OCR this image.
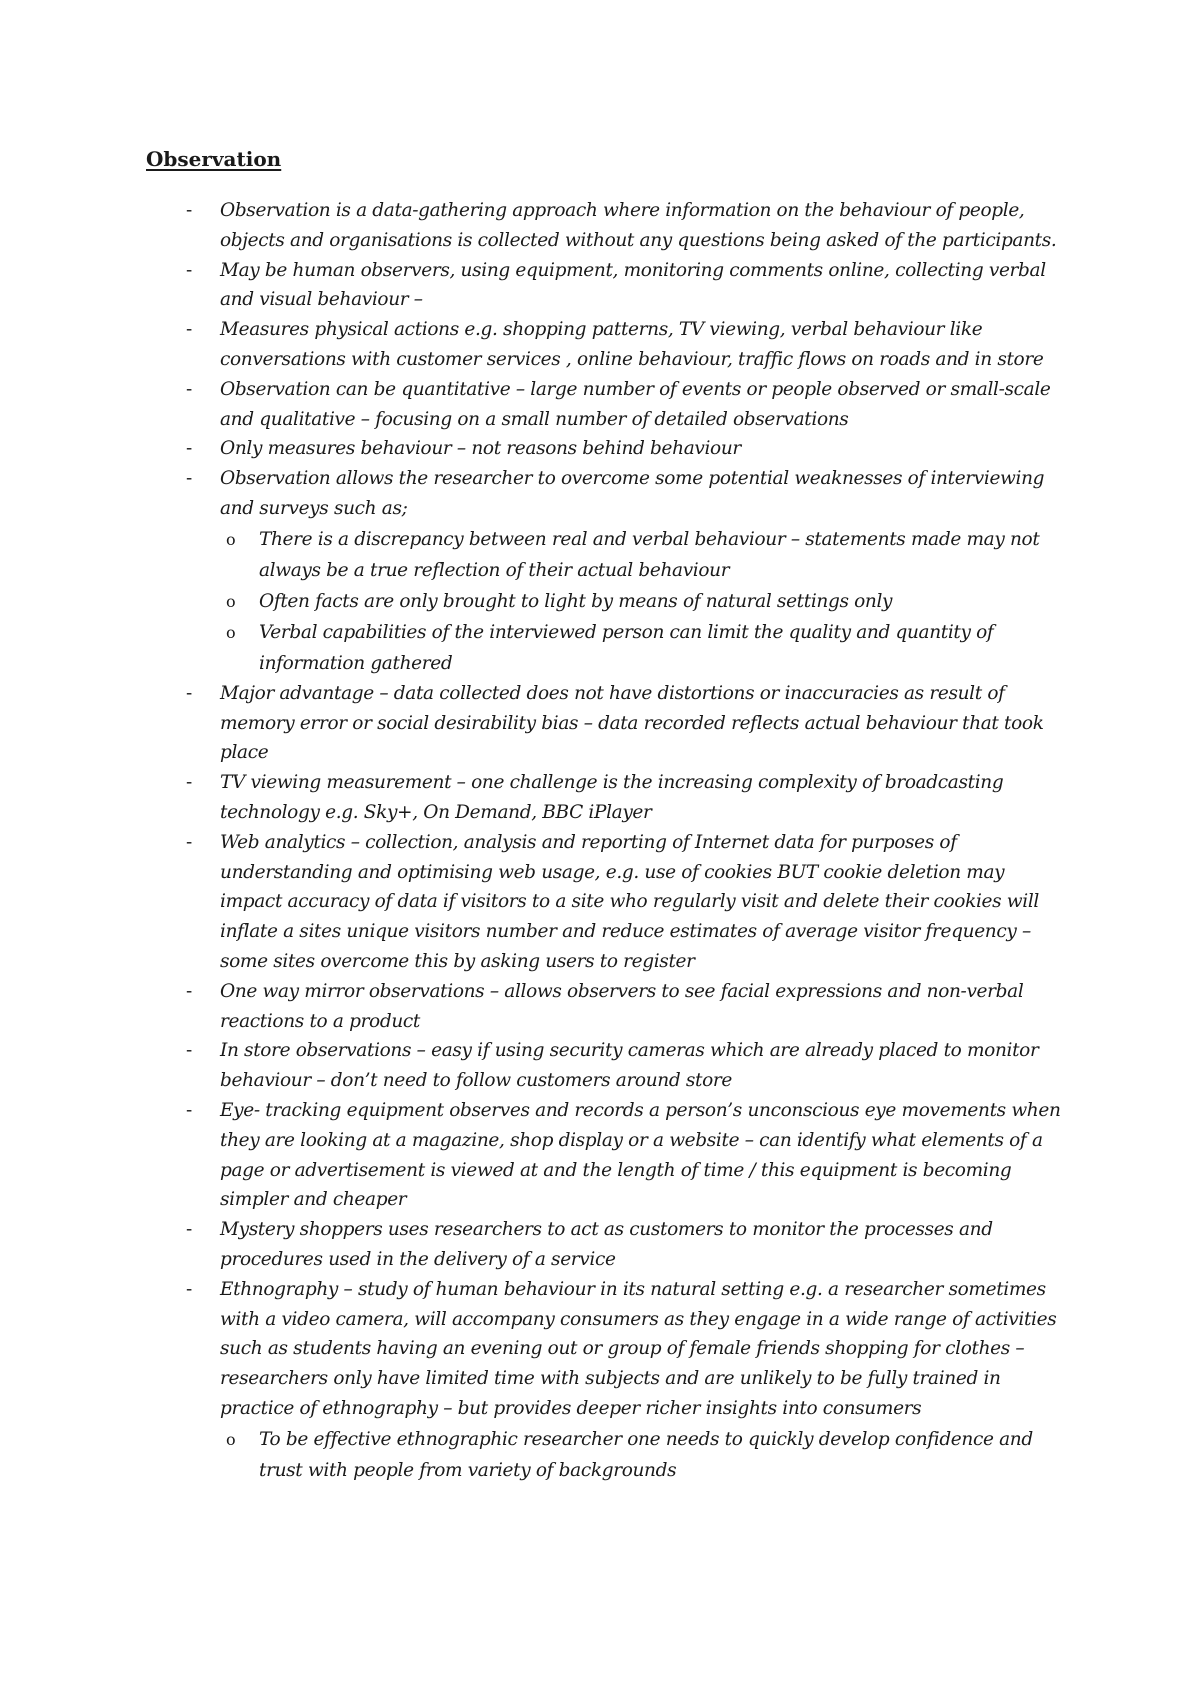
Observation
-	Observation is a data-gathering approach where information on the behaviour of people, objects and organisations is collected without any questions being asked of the participants.
-	May be human observers, using equipment, monitoring comments online, collecting verbal and visual behaviour –
-	Measures physical actions e.g. shopping patterns, TV viewing, verbal behaviour like conversations with customer services , online behaviour, traffic flows on roads and in store
-	Observation can be quantitative – large number of events or people observed or small-scale and qualitative – focusing on a small number of detailed observations
-	Only measures behaviour – not reasons behind behaviour
-	Observation allows the researcher to overcome some potential weaknesses of interviewing and surveys such as;
o There is a discrepancy between real and verbal behaviour – statements made may not always be a true reflection of their actual behaviour
o Often facts are only brought to light by means of natural settings only
o Verbal capabilities of the interviewed person can limit the quality and quantity of information gathered
-	Major advantage – data collected does not have distortions or inaccuracies as result of memory error or social desirability bias – data recorded reflects actual behaviour that took place
-	TV viewing measurement – one challenge is the increasing complexity of broadcasting technology e.g. Sky+, On Demand, BBC iPlayer
-	Web analytics – collection, analysis and reporting of Internet data for purposes of understanding and optimising web usage, e.g. use of cookies BUT cookie deletion may impact accuracy of data if visitors to a site who regularly visit and delete their cookies will inflate a sites unique visitors number and reduce estimates of average visitor frequency – some sites overcome this by asking users to register
-	One way mirror observations – allows observers to see facial expressions and non-verbal reactions to a product
-	In store observations – easy if using security cameras which are already placed to monitor behaviour – don’t need to follow customers around store
-	Eye- tracking equipment observes and records a person’s unconscious eye movements when they are looking at a magazine, shop display or a website – can identify what elements of a page or advertisement is viewed at and the length of time / this equipment is becoming simpler and cheaper
-	Mystery shoppers uses researchers to act as customers to monitor the processes and procedures used in the delivery of a service
-	Ethnography – study of human behaviour in its natural setting e.g. a researcher sometimes with a video camera, will accompany consumers as they engage in a wide range of activities such as students having an evening out or group of female friends shopping for clothes – researchers only have limited time with subjects and are unlikely to be fully trained in practice of ethnography – but provides deeper richer insights into consumers
o To be effective ethnographic researcher one needs to quickly develop confidence and trust with people from variety of backgrounds
